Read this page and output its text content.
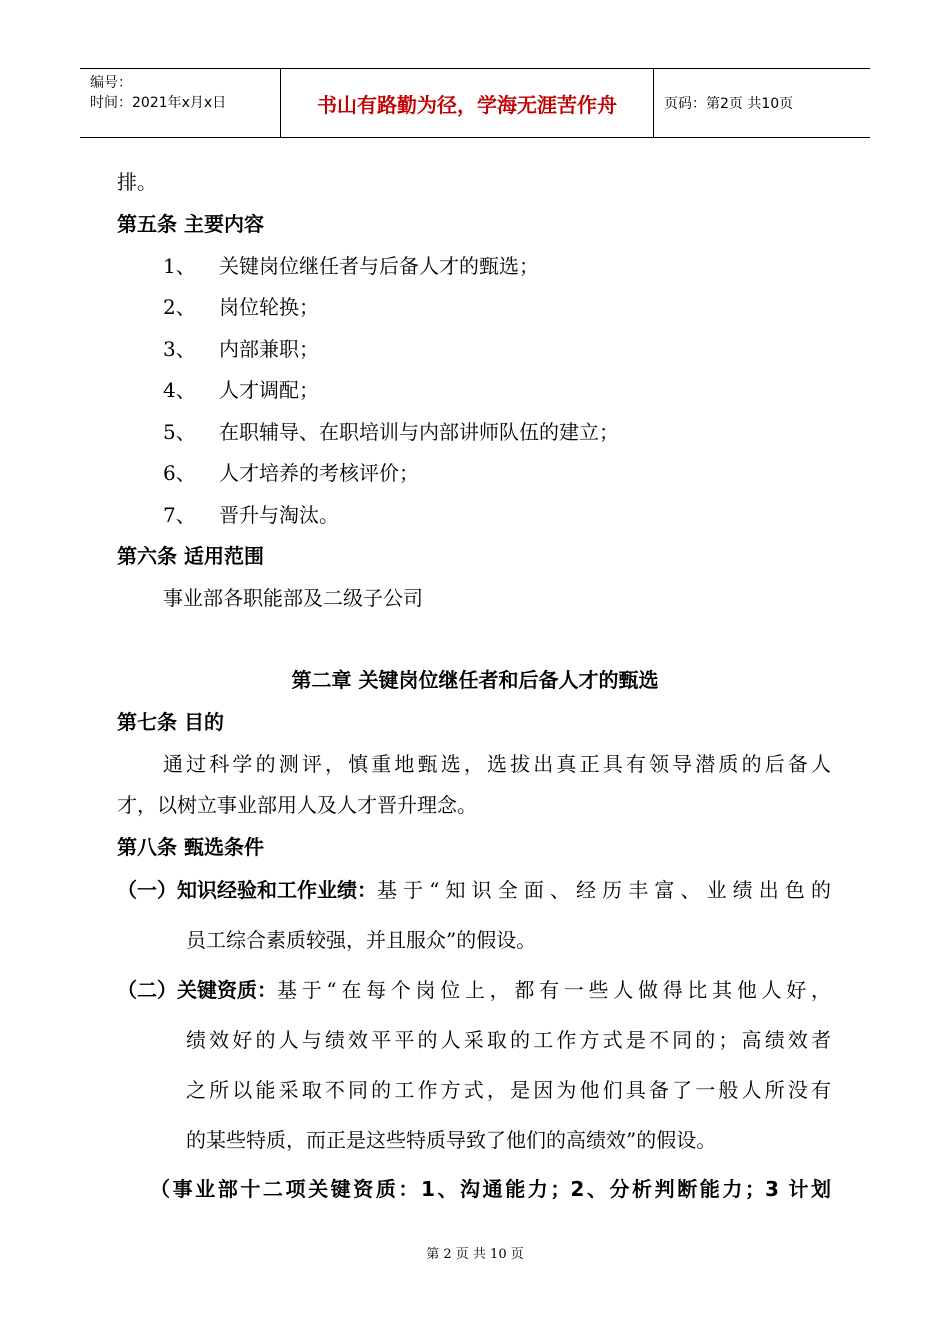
编号：
时间：2021年x月x日	书山有路勤为径，学海无涯苦作舟	页码：第2页 共10页
排。
第五条 主要内容
1、 关键岗位继任者与后备人才的甄选；
2、 岗位轮换；
3、 内部兼职；
4、 人才调配；
5、 在职辅导、在职培训与内部讲师队伍的建立；
6、 人才培养的考核评价；
7、 晋升与淘汰。
第六条 适用范围
事业部各职能部及二级子公司
第二章 关键岗位继任者和后备人才的甄选
第七条 目的
通过科学的测评，慎重地甄选，选拔出真正具有领导潜质的后备人
才，以树立事业部用人及人才晋升理念。
第八条 甄选条件
（一）知识经验和工作业绩： 基于“知识全面、经历丰富、业绩出色的
员工综合素质较强，并且服众”的假设。
（二）关键资质： 基于“在每个岗位上，都有一些人做得比其他人好，
绩效好的人与绩效平平的人采取的工作方式是不同的；高绩效者
之所以能采取不同的工作方式，是因为他们具备了一般人所没有
的某些特质，而正是这些特质导致了他们的高绩效”的假设。
（事业部十二项关键资质：1、沟通能力；2、分析判断能力；3 计划
第 2 页 共 10 页
